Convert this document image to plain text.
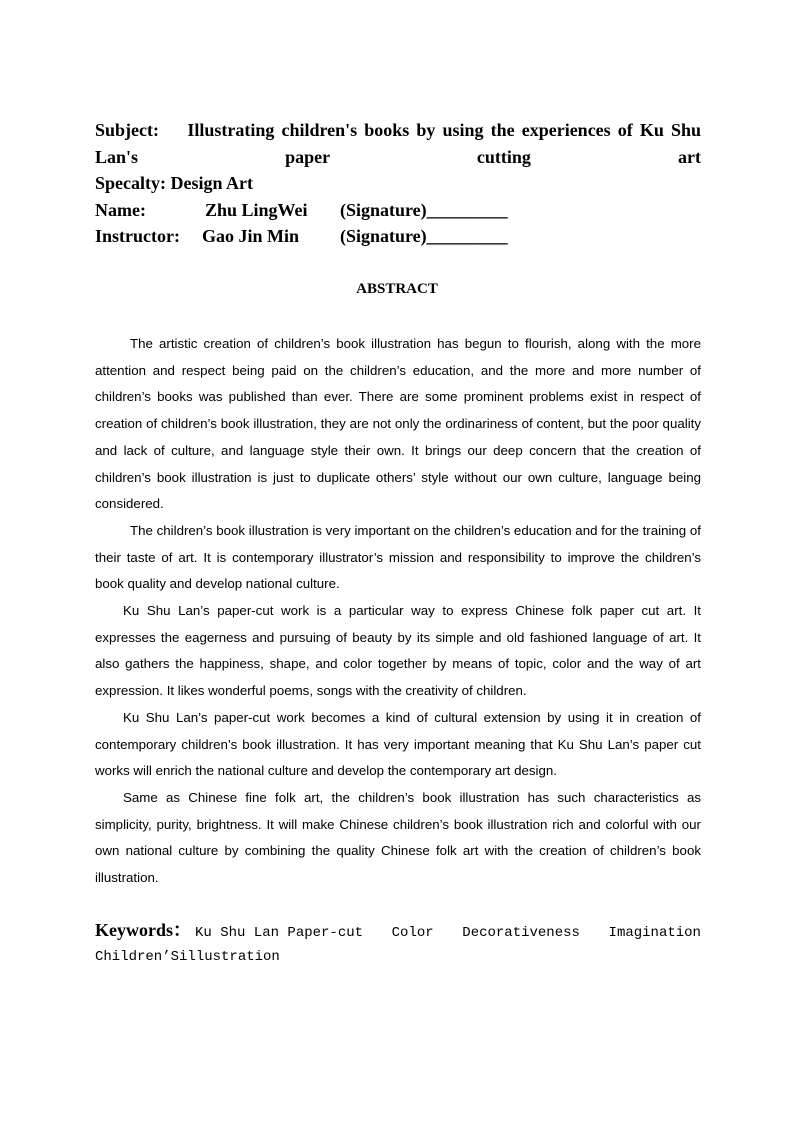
Subject: Illustrating children's books by using the experiences of Ku Shu Lan's paper cutting art
Specalty: Design Art
Name:	Zhu LingWei (Signature)_________
Instructor: Gao Jin Min (Signature)_________
ABSTRACT

The artistic creation of children’s book illustration has begun to flourish, along with the more attention and respect being paid on the children’s education, and the more and more number of children’s books was published than ever. There are some prominent problems exist in respect of creation of children’s book illustration, they are not only the ordinariness of content, but the poor quality and lack of culture, and language style their own. It brings our deep concern that the creation of children’s book illustration is just to duplicate others’ style without our own culture, language being considered.

The children’s book illustration is very important on the children’s education and for the training of their taste of art. It is contemporary illustrator’s mission and responsibility to improve the children’s book quality and develop national culture.

Ku Shu Lan’s paper-cut work is a particular way to express Chinese folk paper cut art. It expresses the eagerness and pursuing of beauty by its simple and old fashioned language of art. It also gathers the happiness, shape, and color together by means of topic, color and the way of art expression. It likes wonderful poems, songs with the creativity of children.

Ku Shu Lan’s paper-cut work becomes a kind of cultural extension by using it in creation of contemporary children’s book illustration. It has very important meaning that Ku Shu Lan’s paper cut works will enrich the national culture and develop the contemporary art design.

Same as Chinese fine folk art, the children’s book illustration has such characteristics as simplicity, purity, brightness. It will make Chinese children’s book illustration rich and colorful with our own national culture by combining the quality Chinese folk art with the creation of children’s book illustration.

Keywords： Ku Shu Lan Paper-cut Color Decorativeness Imagination
Children’Sillustration
